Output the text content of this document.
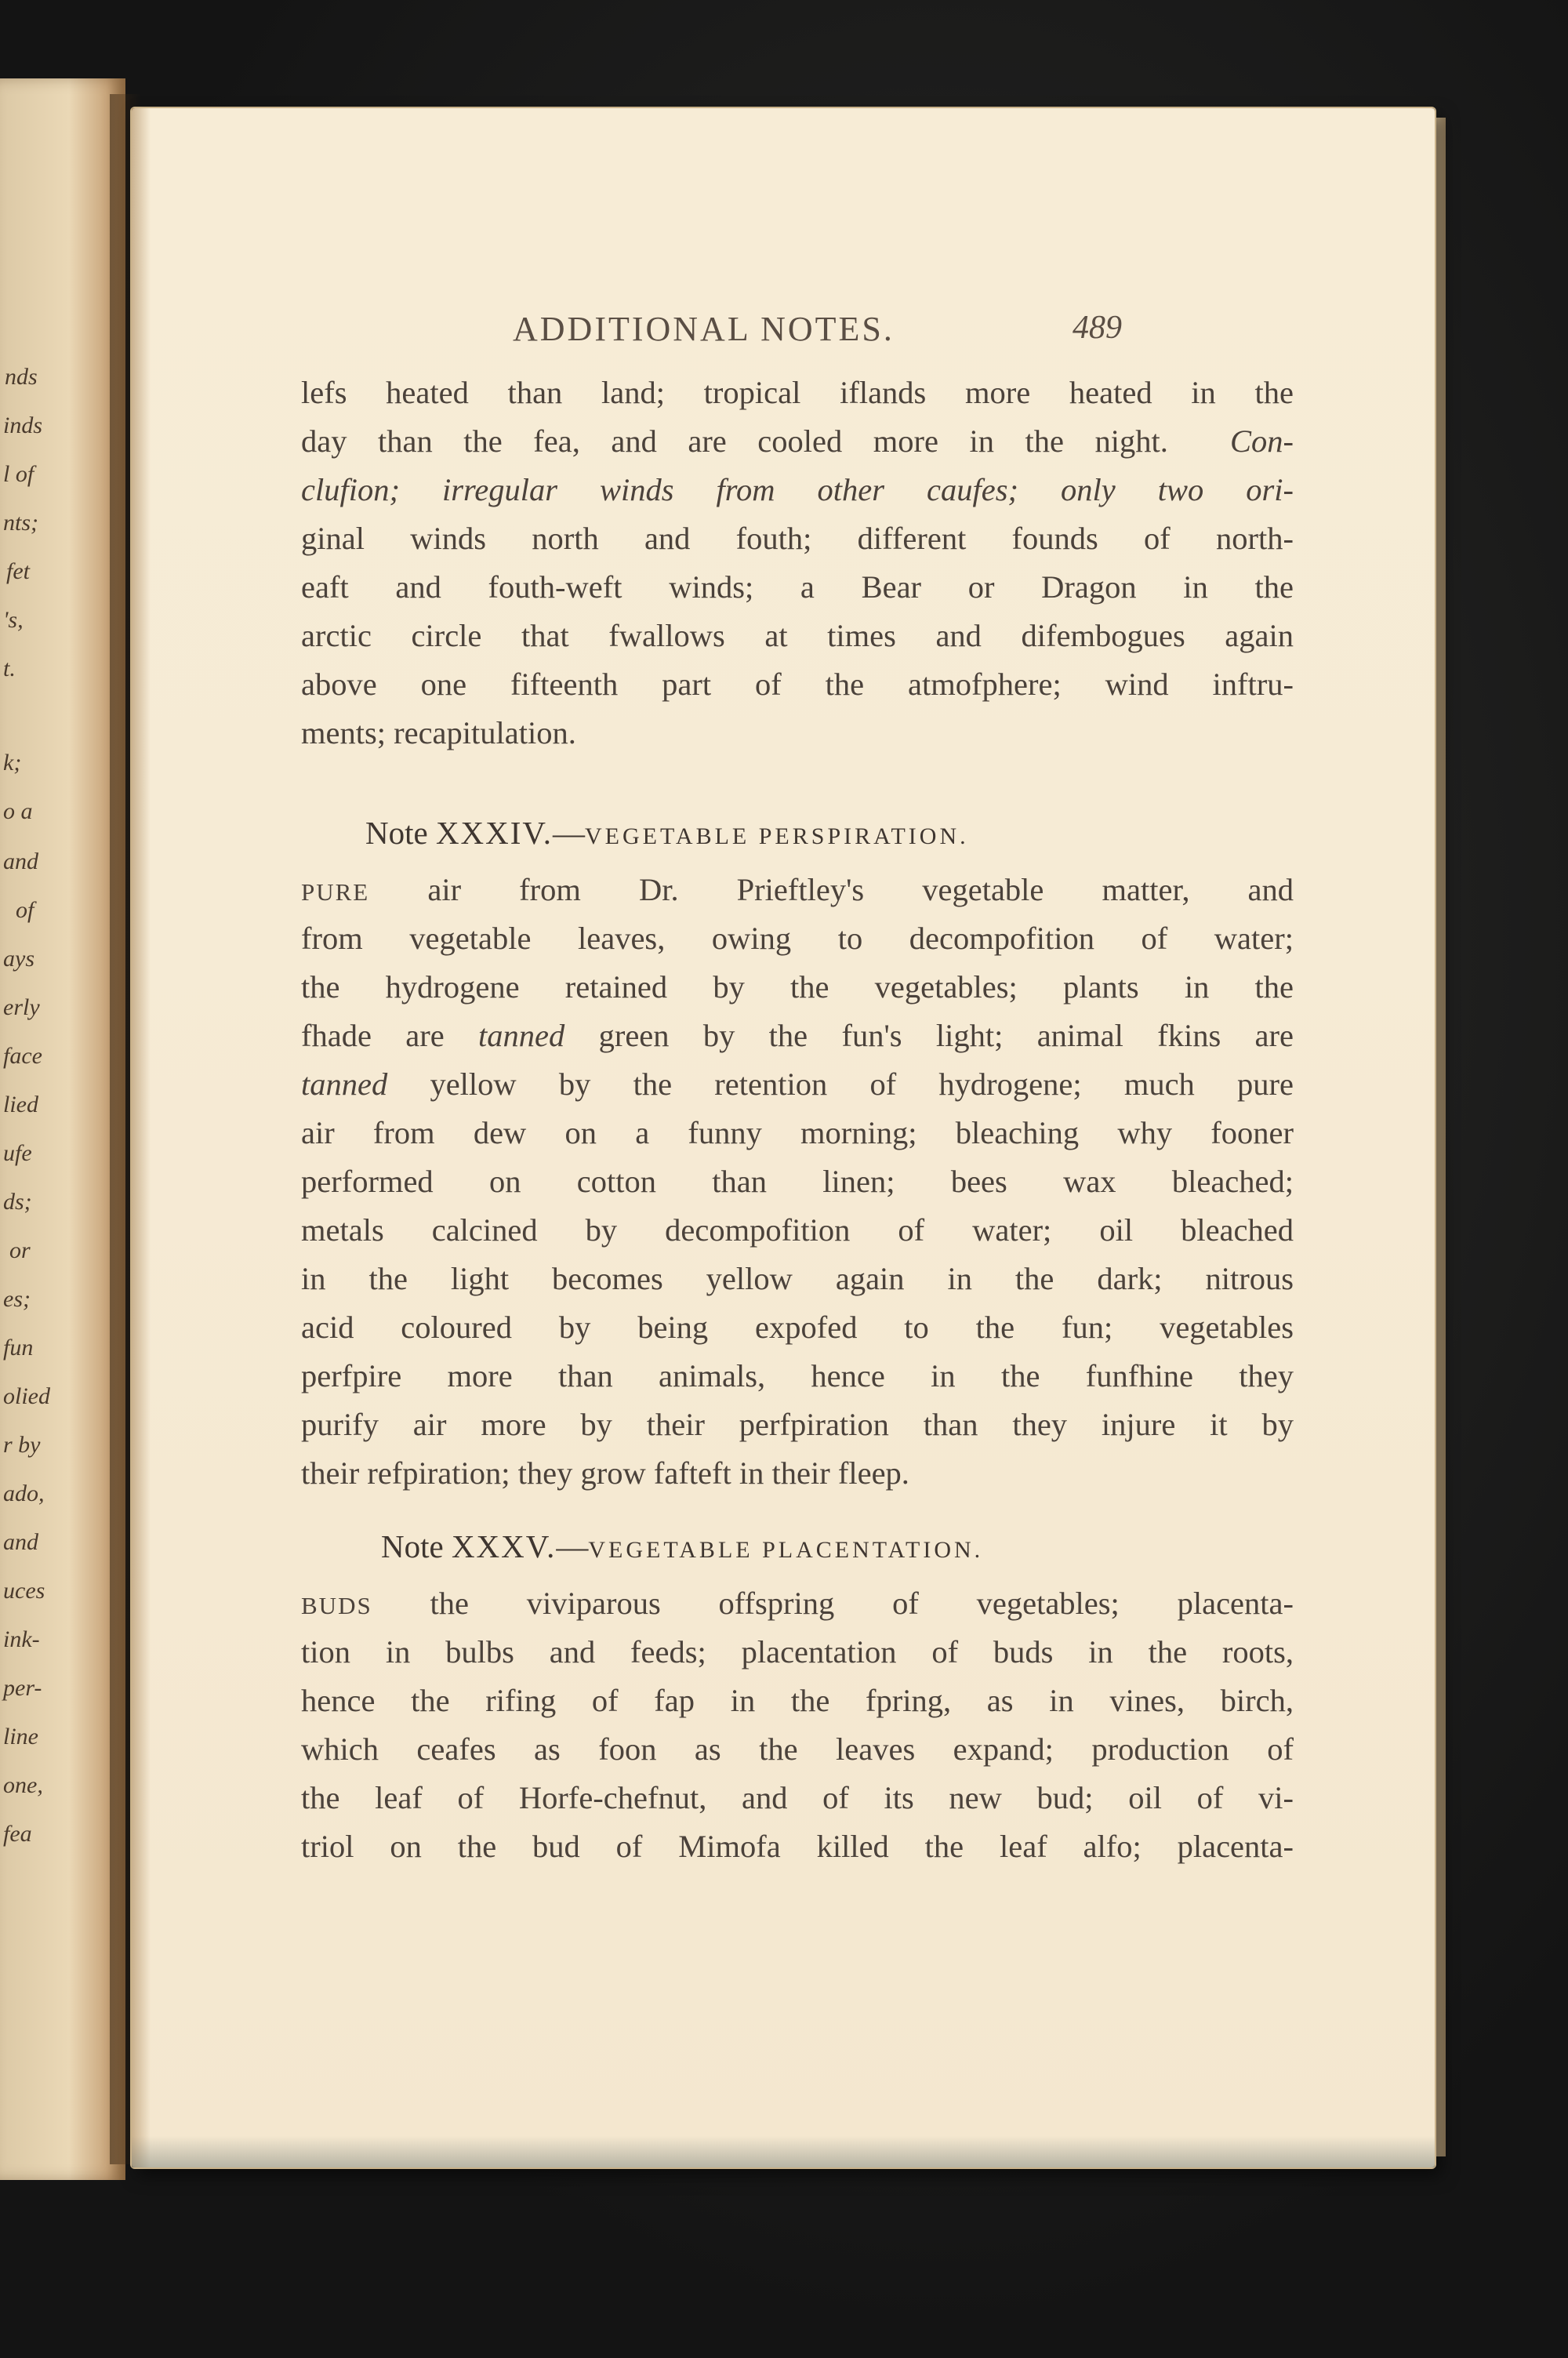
nds
inds
l of
nts;
fet
's,
t.
k;
o a
and
of
ays
erly
face
lied
ufe
ds;
or
es;
fun
olied
r by
ado,
and
uces
ink-
per-
line
one,
fea
ADDITIONAL NOTES.	489
lefs heated than land; tropical iflands more heated in the
day than the fea, and are cooled more in the night. Con-
clufion; irregular winds from other caufes; only two ori-
ginal winds north and fouth; different founds of north-
eaft and fouth-weft winds; a Bear or Dragon in the
arctic circle that fwallows at times and difembogues again
above one fifteenth part of the atmofphere; wind inftru-
ments; recapitulation.
Note XXXIV.—VEGETABLE PERSPIRATION.
PURE air from Dr. Prieftley's vegetable matter, and
from vegetable leaves, owing to decompofition of water;
the hydrogene retained by the vegetables; plants in the
fhade are tanned green by the fun's light; animal fkins are
tanned yellow by the retention of hydrogene; much pure
air from dew on a funny morning; bleaching why fooner
performed on cotton than linen; bees wax bleached;
metals calcined by decompofition of water; oil bleached
in the light becomes yellow again in the dark; nitrous
acid coloured by being expofed to the fun; vegetables
perfpire more than animals, hence in the funfhine they
purify air more by their perfpiration than they injure it by
their refpiration; they grow fafteft in their fleep.
Note XXXV.—VEGETABLE PLACENTATION.
BUDS the viviparous offspring of vegetables; placenta-
tion in bulbs and feeds; placentation of buds in the roots,
hence the rifing of fap in the fpring, as in vines, birch,
which ceafes as foon as the leaves expand; production of
the leaf of Horfe-chefnut, and of its new bud; oil of vi-
triol on the bud of Mimofa killed the leaf alfo; placenta-
